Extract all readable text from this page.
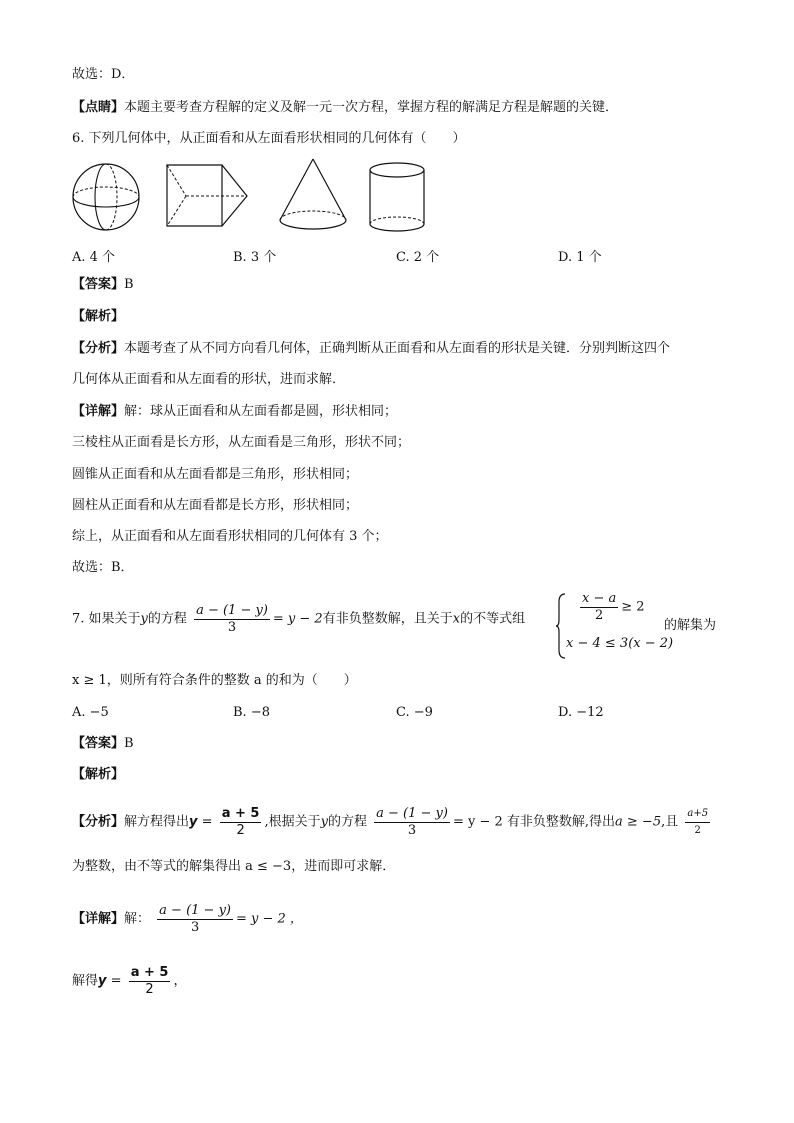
故选：D．
【点睛】本题主要考查方程解的定义及解一元一次方程，掌握方程的解满足方程是解题的关键．
6. 下列几何体中，从正面看和从左面看形状相同的几何体有（　　）
A. 4 个	B. 3 个	C. 2 个	D. 1 个
【答案】B
【解析】
【分析】本题考查了从不同方向看几何体，正确判断从正面看和从左面看的形状是关键．分别判断这四个
几何体从正面看和从左面看的形状，进而求解．
【详解】解：球从正面看和从左面看都是圆，形状相同；
三棱柱从正面看是长方形，从左面看是三角形，形状不同；
圆锥从正面看和从左面看都是三角形，形状相同；
圆柱从正面看和从左面看都是长方形，形状相同；
综上，从正面看和从左面看形状相同的几何体有 3 个；
故选：B．
7. 如果关于y的方程 $\frac{a - (1 - y)}{3} = y - 2$有非负整数解，且关于x的不等式组	$\frac{x - a}{2} \ge 2$
x − 4 ≤ 3(x − 2)
的解集为
x ≥ 1，则所有符合条件的整数 a 的和为（　　）
A. −5	B. −8	C. −9	D. −12
【答案】B
【解析】
【分析】解方程得出$y = \frac{a + 5}{2}$ ,根据关于y的方程 $\frac{a - (1 - y)}{3} = y - 2$ 有非负整数解,得出a ≥ −5,且 $\frac{a+5}{2}$
为整数，由不等式的解集得出 a ≤ −3，进而即可求解．
【详解】解： $\frac{a - (1 - y)}{3} = y - 2$ ，
解得$y = \frac{a + 5}{2}$ ，
